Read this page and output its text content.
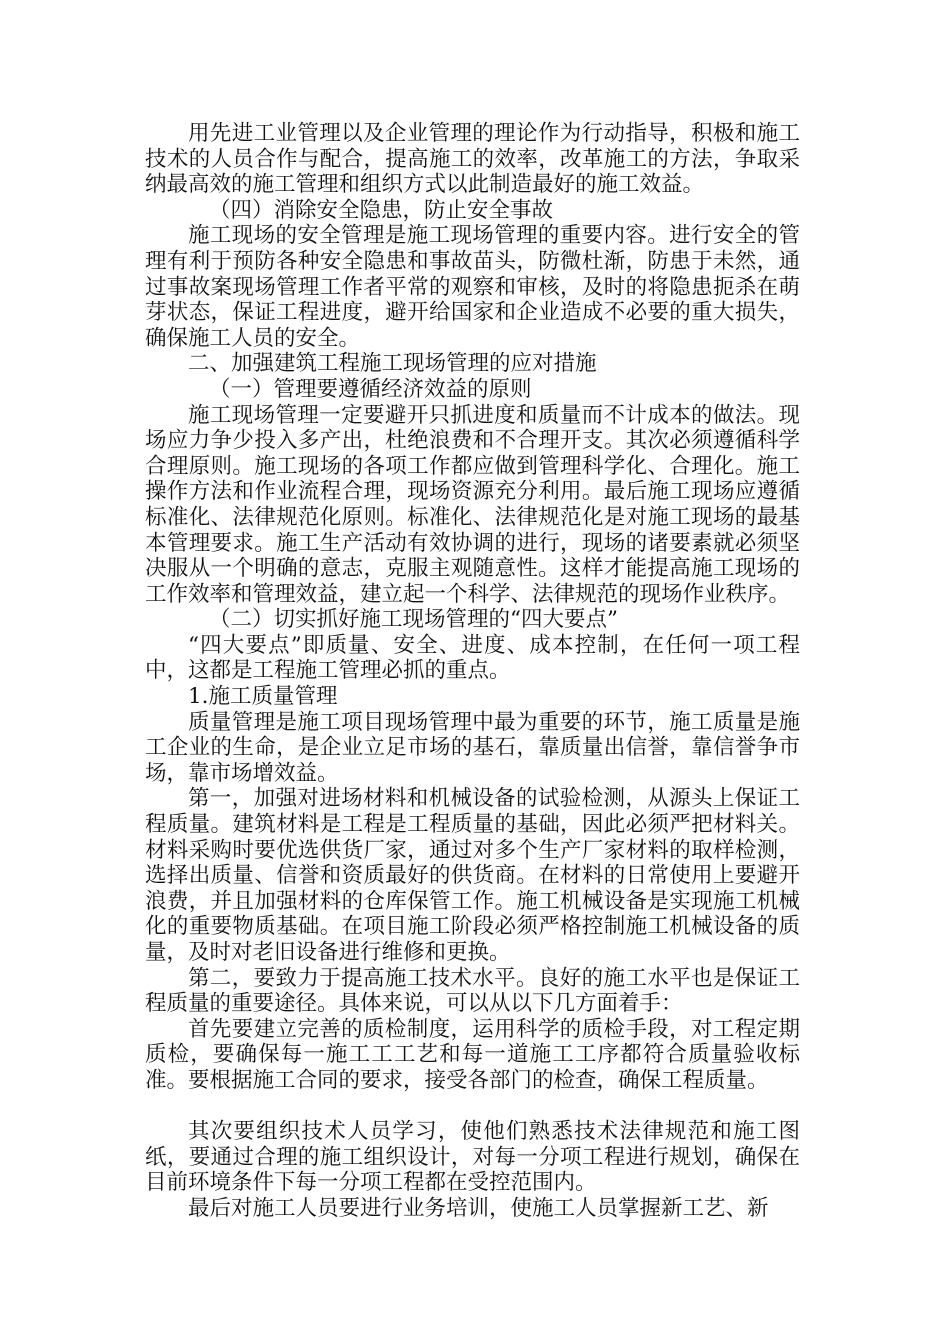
用先进工业管理以及企业管理的理论作为行动指导，积极和施工技术的人员合作与配合，提高施工的效率，改革施工的方法，争取采纳最高效的施工管理和组织方式以此制造最好的施工效益。

（四）消除安全隐患，防止安全事故

施工现场的安全管理是施工现场管理的重要内容。进行安全的管理有利于预防各种安全隐患和事故苗头，防微杜渐，防患于未然，通过事故案现场管理工作者平常的观察和审核，及时的将隐患扼杀在萌芽状态，保证工程进度，避开给国家和企业造成不必要的重大损失，确保施工人员的安全。

二、加强建筑工程施工现场管理的应对措施

（一）管理要遵循经济效益的原则

施工现场管理一定要避开只抓进度和质量而不计成本的做法。现场应力争少投入多产出，杜绝浪费和不合理开支。其次必须遵循科学合理原则。施工现场的各项工作都应做到管理科学化、合理化。施工操作方法和作业流程合理，现场资源充分利用。最后施工现场应遵循标准化、法律规范化原则。标准化、法律规范化是对施工现场的最基本管理要求。施工生产活动有效协调的进行，现场的诸要素就必须坚决服从一个明确的意志，克服主观随意性。这样才能提高施工现场的工作效率和管理效益，建立起一个科学、法律规范的现场作业秩序。

（二）切实抓好施工现场管理的“四大要点”

“四大要点”即质量、安全、进度、成本控制，在任何一项工程中，这都是工程施工管理必抓的重点。

1.施工质量管理

质量管理是施工项目现场管理中最为重要的环节，施工质量是施工企业的生命，是企业立足市场的基石，靠质量出信誉，靠信誉争市场，靠市场增效益。

第一，加强对进场材料和机械设备的试验检测，从源头上保证工程质量。建筑材料是工程是工程质量的基础，因此必须严把材料关。材料采购时要优选供货厂家，通过对多个生产厂家材料的取样检测，选择出质量、信誉和资质最好的供货商。在材料的日常使用上要避开浪费，并且加强材料的仓库保管工作。施工机械设备是实现施工机械化的重要物质基础。在项目施工阶段必须严格控制施工机械设备的质量，及时对老旧设备进行维修和更换。

第二，要致力于提高施工技术水平。良好的施工水平也是保证工程质量的重要途径。具体来说，可以从以下几方面着手：

首先要建立完善的质检制度，运用科学的质检手段，对工程定期质检，要确保每一施工工工艺和每一道施工工序都符合质量验收标准。要根据施工合同的要求，接受各部门的检查，确保工程质量。

其次要组织技术人员学习，使他们熟悉技术法律规范和施工图纸，要通过合理的施工组织设计，对每一分项工程进行规划，确保在目前环境条件下每一分项工程都在受控范围内。

最后对施工人员要进行业务培训，使施工人员掌握新工艺、新
